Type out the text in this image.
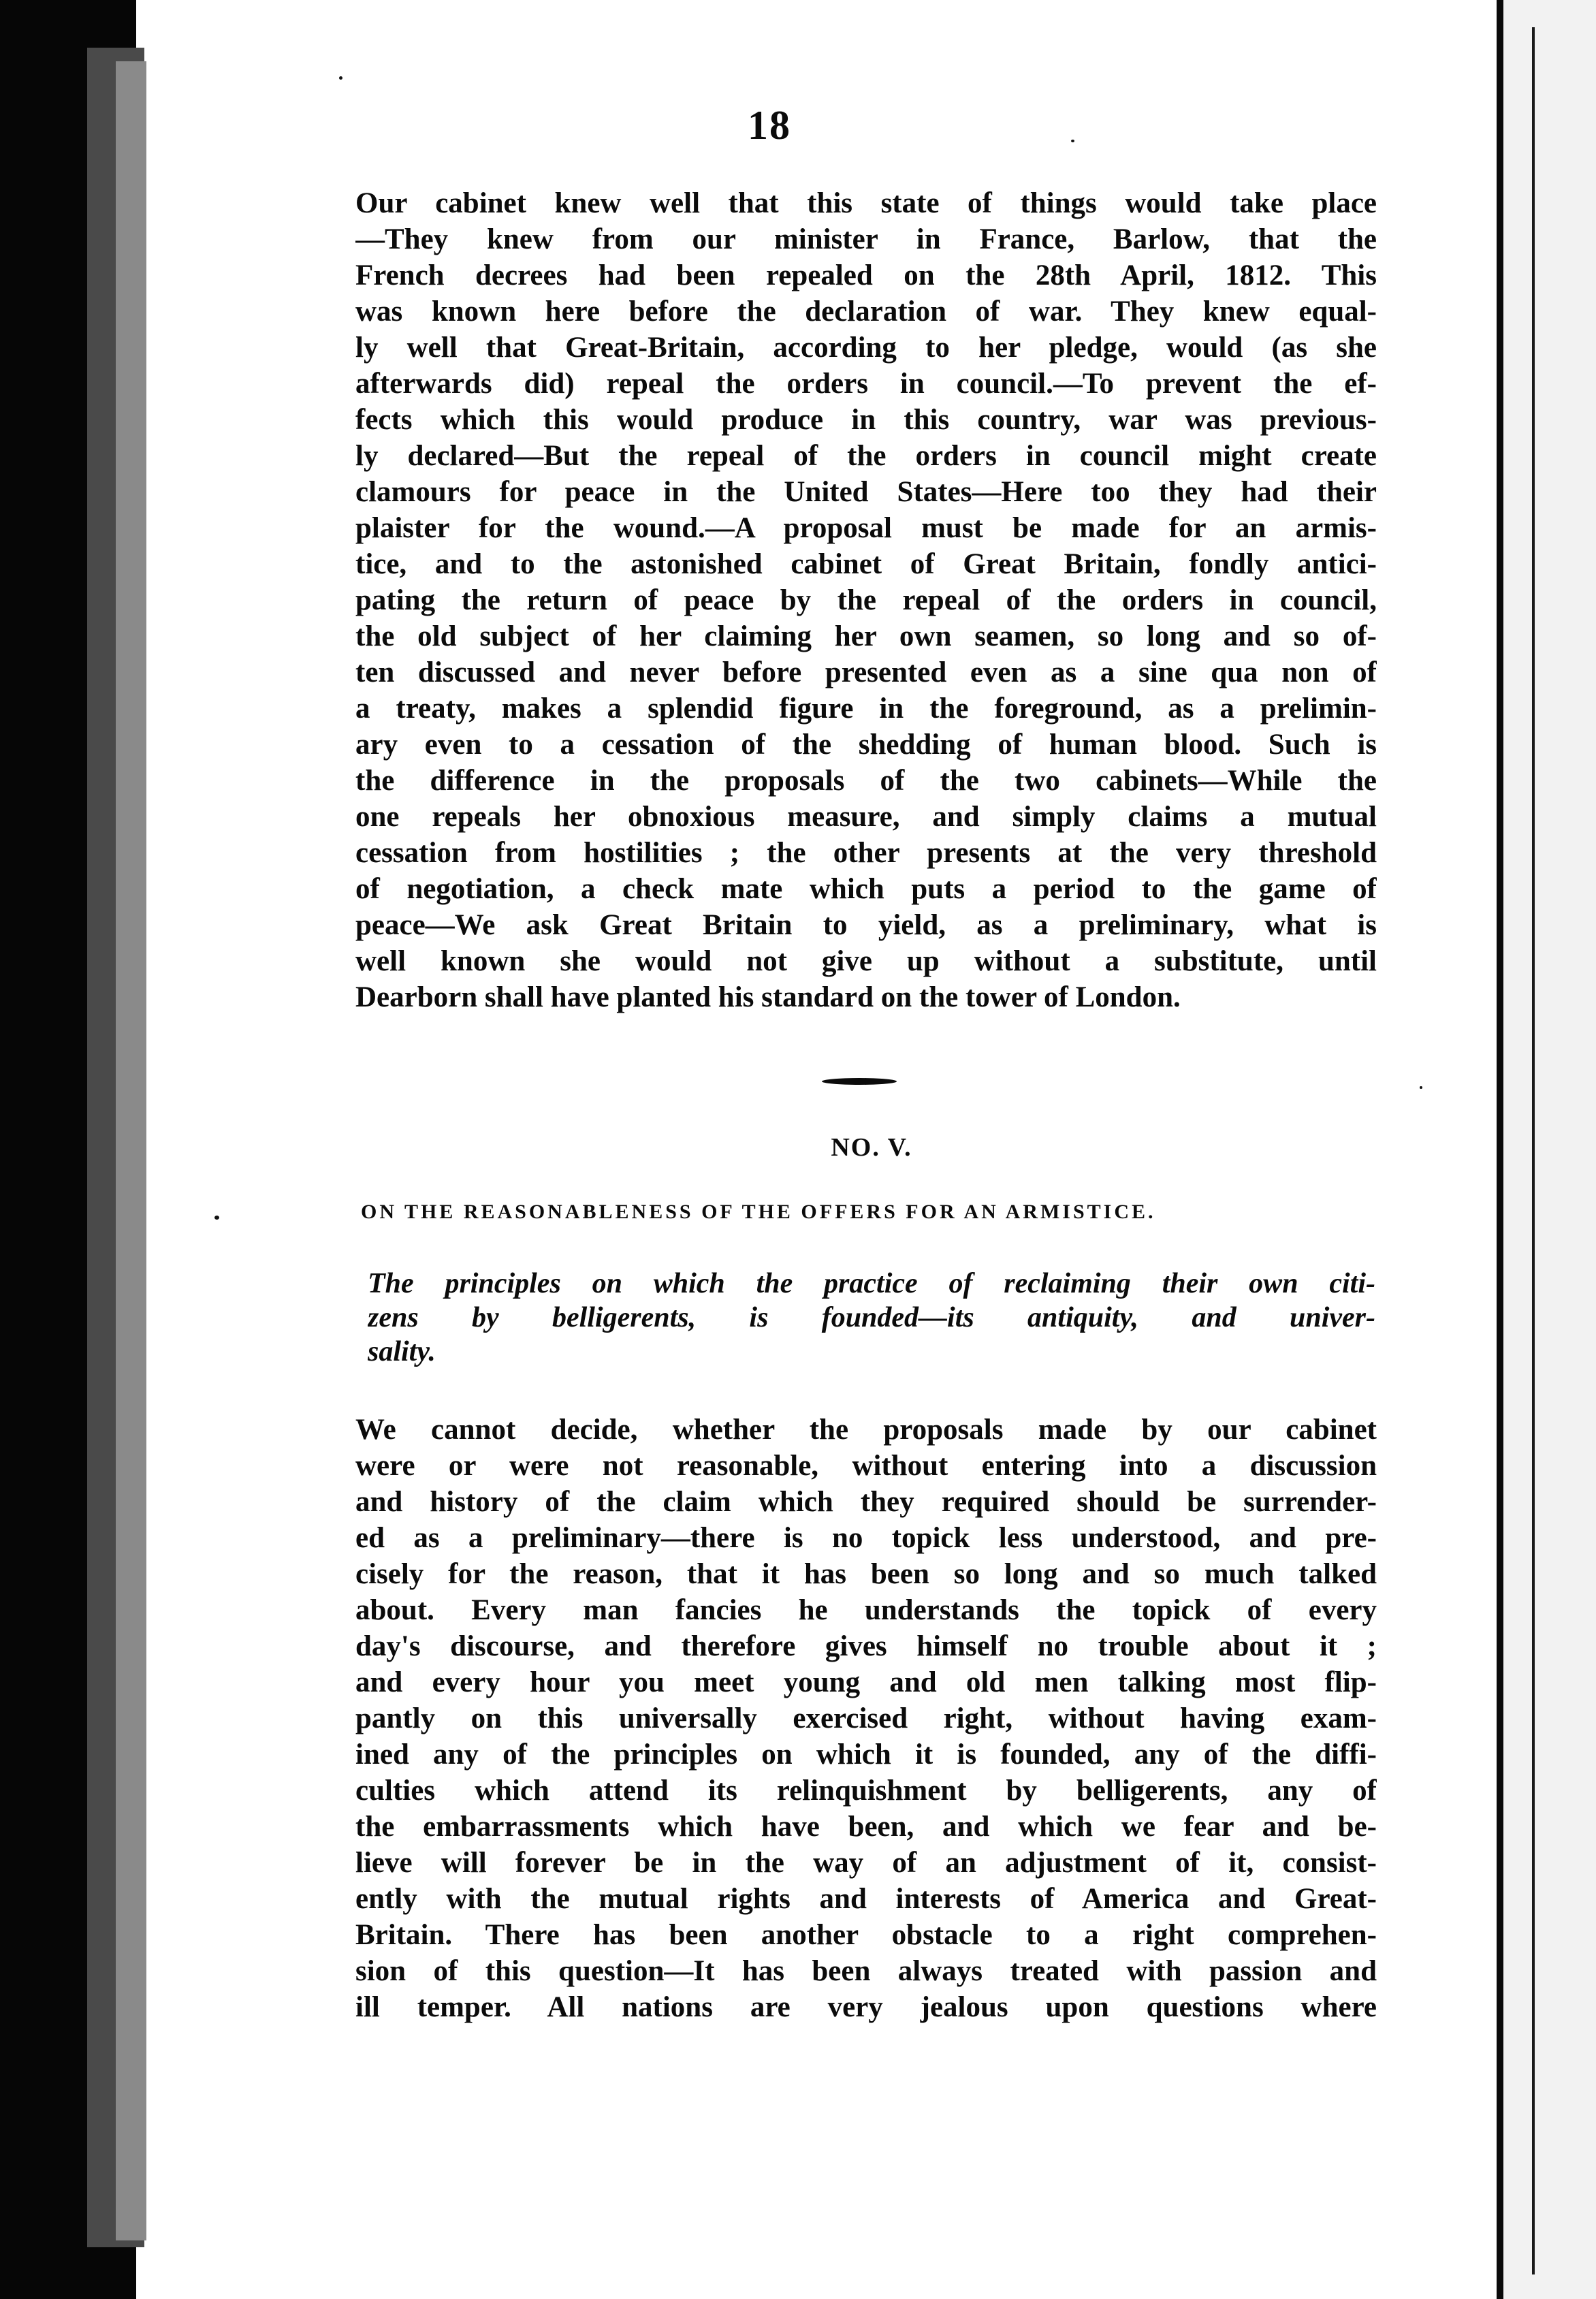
18
Our cabinet knew well that this state of things would take place
—They knew from our minister in France, Barlow, that the
French decrees had been repealed on the 28th April, 1812. This
was known here before the declaration of war. They knew equal-
ly well that Great-Britain, according to her pledge, would (as she
afterwards did) repeal the orders in council.—To prevent the ef-
fects which this would produce in this country, war was previous-
ly declared—But the repeal of the orders in council might create
clamours for peace in the United States—Here too they had their
plaister for the wound.—A proposal must be made for an armis-
tice, and to the astonished cabinet of Great Britain, fondly antici-
pating the return of peace by the repeal of the orders in council,
the old subject of her claiming her own seamen, so long and so of-
ten discussed and never before presented even as a sine qua non of
a treaty, makes a splendid figure in the foreground, as a prelimin-
ary even to a cessation of the shedding of human blood. Such is
the difference in the proposals of the two cabinets—While the
one repeals her obnoxious measure, and simply claims a mutual
cessation from hostilities ; the other presents at the very threshold
of negotiation, a check mate which puts a period to the game of
peace—We ask Great Britain to yield, as a preliminary, what is
well known she would not give up without a substitute, until
Dearborn shall have planted his standard on the tower of London.
NO. V.
ON THE REASONABLENESS OF THE OFFERS FOR AN ARMISTICE.
The principles on which the practice of reclaiming their own citi-
zens by belligerents, is founded—its antiquity, and univer-
sality.
We cannot decide, whether the proposals made by our cabinet
were or were not reasonable, without entering into a discussion
and history of the claim which they required should be surrender-
ed as a preliminary—there is no topick less understood, and pre-
cisely for the reason, that it has been so long and so much talked
about. Every man fancies he understands the topick of every
day's discourse, and therefore gives himself no trouble about it ;
and every hour you meet young and old men talking most flip-
pantly on this universally exercised right, without having exam-
ined any of the principles on which it is founded, any of the diffi-
culties which attend its relinquishment by belligerents, any of
the embarrassments which have been, and which we fear and be-
lieve will forever be in the way of an adjustment of it, consist-
ently with the mutual rights and interests of America and Great-
Britain. There has been another obstacle to a right comprehen-
sion of this question—It has been always treated with passion and
ill temper. All nations are very jealous upon questions where
